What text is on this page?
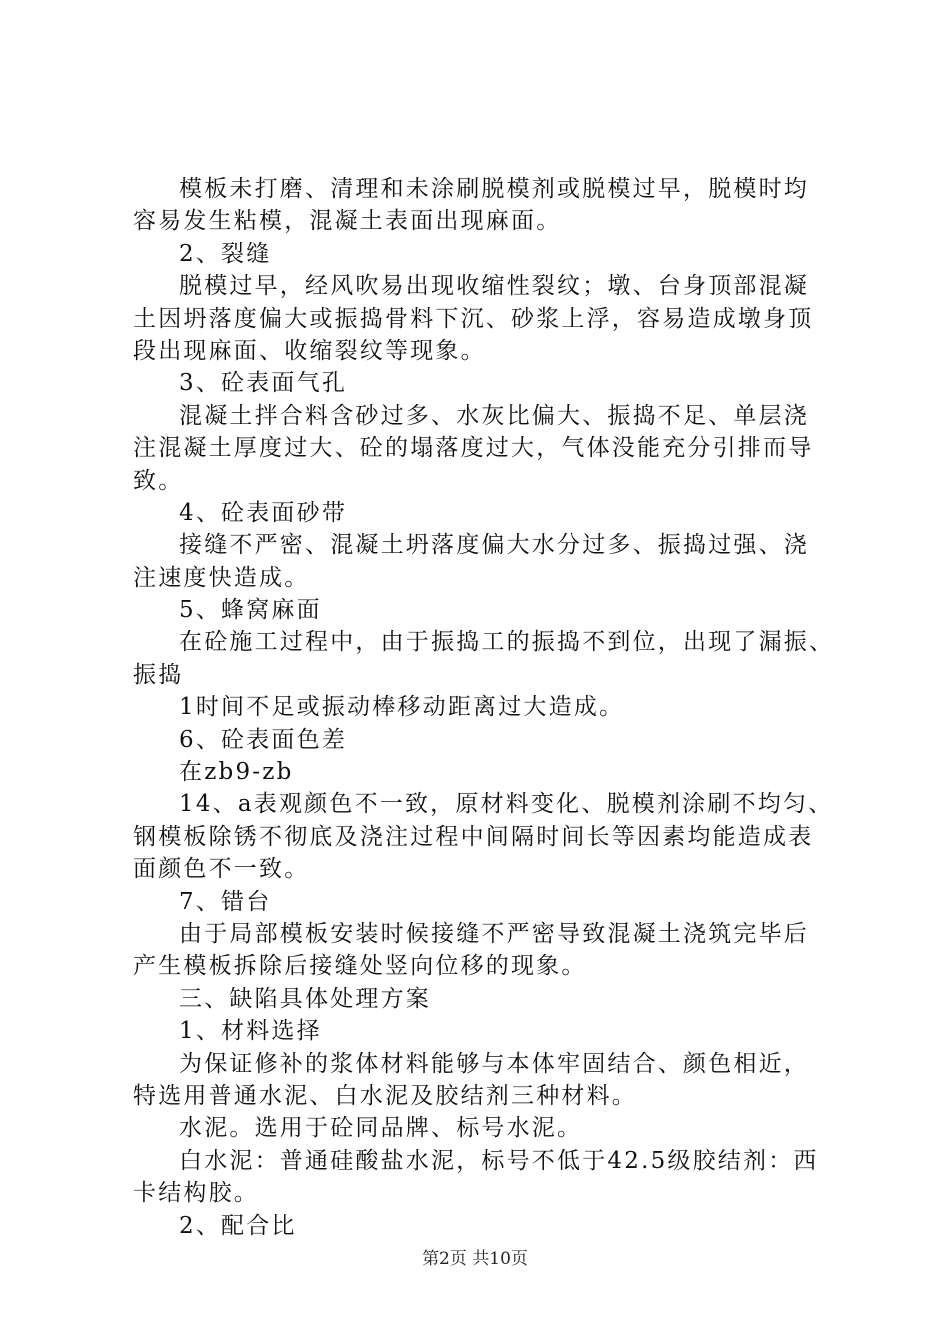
模板未打磨、清理和未涂刷脱模剂或脱模过早，脱模时均
容易发生粘模，混凝土表面出现麻面。
2、裂缝
脱模过早，经风吹易出现收缩性裂纹；墩、台身顶部混凝
土因坍落度偏大或振捣骨料下沉、砂浆上浮，容易造成墩身顶
段出现麻面、收缩裂纹等现象。
3、砼表面气孔
混凝土拌合料含砂过多、水灰比偏大、振捣不足、单层浇
注混凝土厚度过大、砼的塌落度过大，气体没能充分引排而导
致。
4、砼表面砂带
接缝不严密、混凝土坍落度偏大水分过多、振捣过强、浇
注速度快造成。
5、蜂窝麻面
在砼施工过程中，由于振捣工的振捣不到位，出现了漏振、
振捣
1时间不足或振动棒移动距离过大造成。
6、砼表面色差
在zb9-zb
14、a表观颜色不一致，原材料变化、脱模剂涂刷不均匀、
钢模板除锈不彻底及浇注过程中间隔时间长等因素均能造成表
面颜色不一致。
7、错台
由于局部模板安装时候接缝不严密导致混凝土浇筑完毕后
产生模板拆除后接缝处竖向位移的现象。
三、缺陷具体处理方案
1、材料选择
为保证修补的浆体材料能够与本体牢固结合、颜色相近，
特选用普通水泥、白水泥及胶结剂三种材料。
水泥。选用于砼同品牌、标号水泥。
白水泥：普通硅酸盐水泥，标号不低于42.5级胶结剂：西
卡结构胶。
2、配合比
第2页 共10页
